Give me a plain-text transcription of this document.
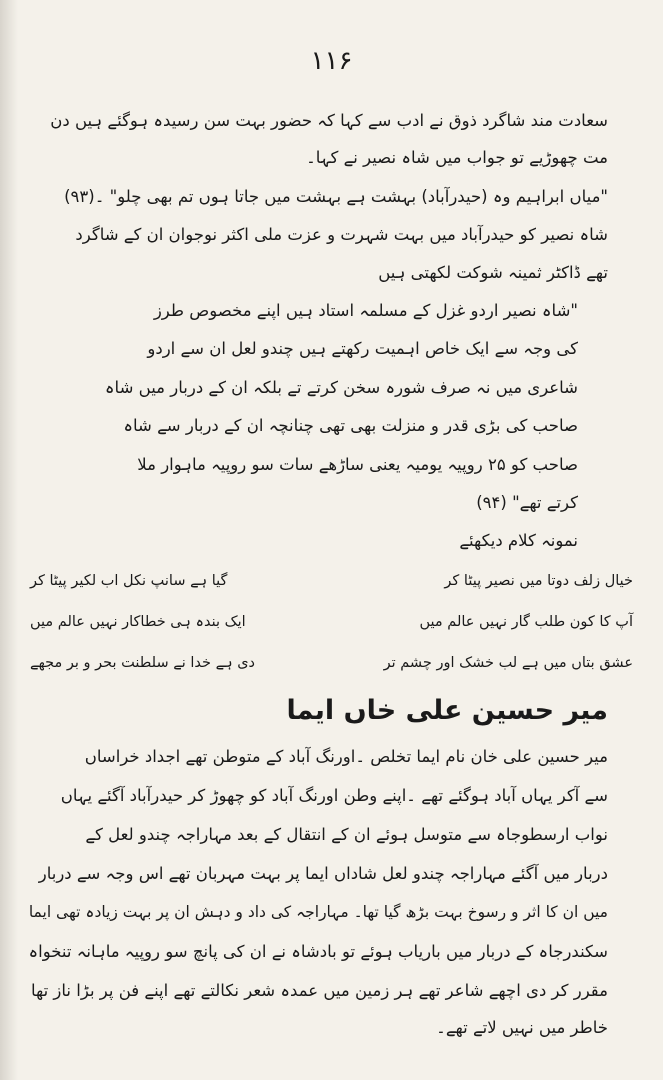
۱۱۶
سعادت مند شاگرد ذوق نے ادب سے کہا کہ حضور بہت سن رسیدہ ہوگئے ہیں دن
مت چھوڑیے تو جواب میں شاہ نصیر نے کہا۔
"میاں ابراہیم وہ (حیدرآباد) بہشت ہے بہشت میں جاتا ہوں تم بھی چلو" ۔(۹۳)
شاہ نصیر کو حیدرآباد میں بہت شہرت و عزت ملی اکثر نوجوان ان کے شاگرد
تھے ڈاکٹر ثمینہ شوکت لکھتی ہیں
"شاہ نصیر اردو غزل کے مسلمہ استاد ہیں اپنے مخصوص طرز
کی وجہ سے ایک خاص اہمیت رکھتے ہیں چندو لعل ان سے اردو
شاعری میں نہ صرف شورہ سخن کرتے تے بلکہ ان کے دربار میں شاہ
صاحب کی بڑی قدر و منزلت بھی تھی چنانچہ ان کے دربار سے شاہ
صاحب کو ۲۵ روپیہ یومیہ یعنی ساڑھے سات سو روپیہ ماہوار ملا
کرتے تھے" (۹۴)
نمونہ کلام دیکھئے
خیال زلف دوتا میں نصیر پیٹا کر
گیا ہے سانپ نکل اب لکیر پیٹا کر
آپ کا کون طلب گار نہیں عالم میں
ایک بندہ ہی خطاکار نہیں عالم میں
عشق بتاں میں ہے لب خشک اور چشم تر
دی ہے خدا نے سلطنت بحر و بر مجھے
میر حسین علی خاں ایما
میر حسین علی خان نام ایما تخلص ۔اورنگ آباد کے متوطن تھے اجداد خراساں
سے آکر یہاں آباد ہوگئے تھے ۔اپنے وطن اورنگ آباد کو چھوڑ کر حیدرآباد آگئے یہاں
نواب ارسطوجاہ سے متوسل ہوئے ان کے انتقال کے بعد مہاراجہ چندو لعل کے
دربار میں آگئے مہاراجہ چندو لعل شاداں ایما پر بہت مہربان تھے اس وجہ سے دربار
میں ان کا اثر و رسوخ بہت بڑھ گیا تھا۔ مہاراجہ کی داد و دہش ان پر بہت زیادہ تھی ایما
سکندرجاہ کے دربار میں باریاب ہوئے تو بادشاہ نے ان کی پانچ سو روپیہ ماہانہ تنخواہ
مقرر کر دی اچھے شاعر تھے ہر زمین میں عمدہ شعر نکالتے تھے اپنے فن پر بڑا ناز تھا
خاطر میں نہیں لاتے تھے۔
